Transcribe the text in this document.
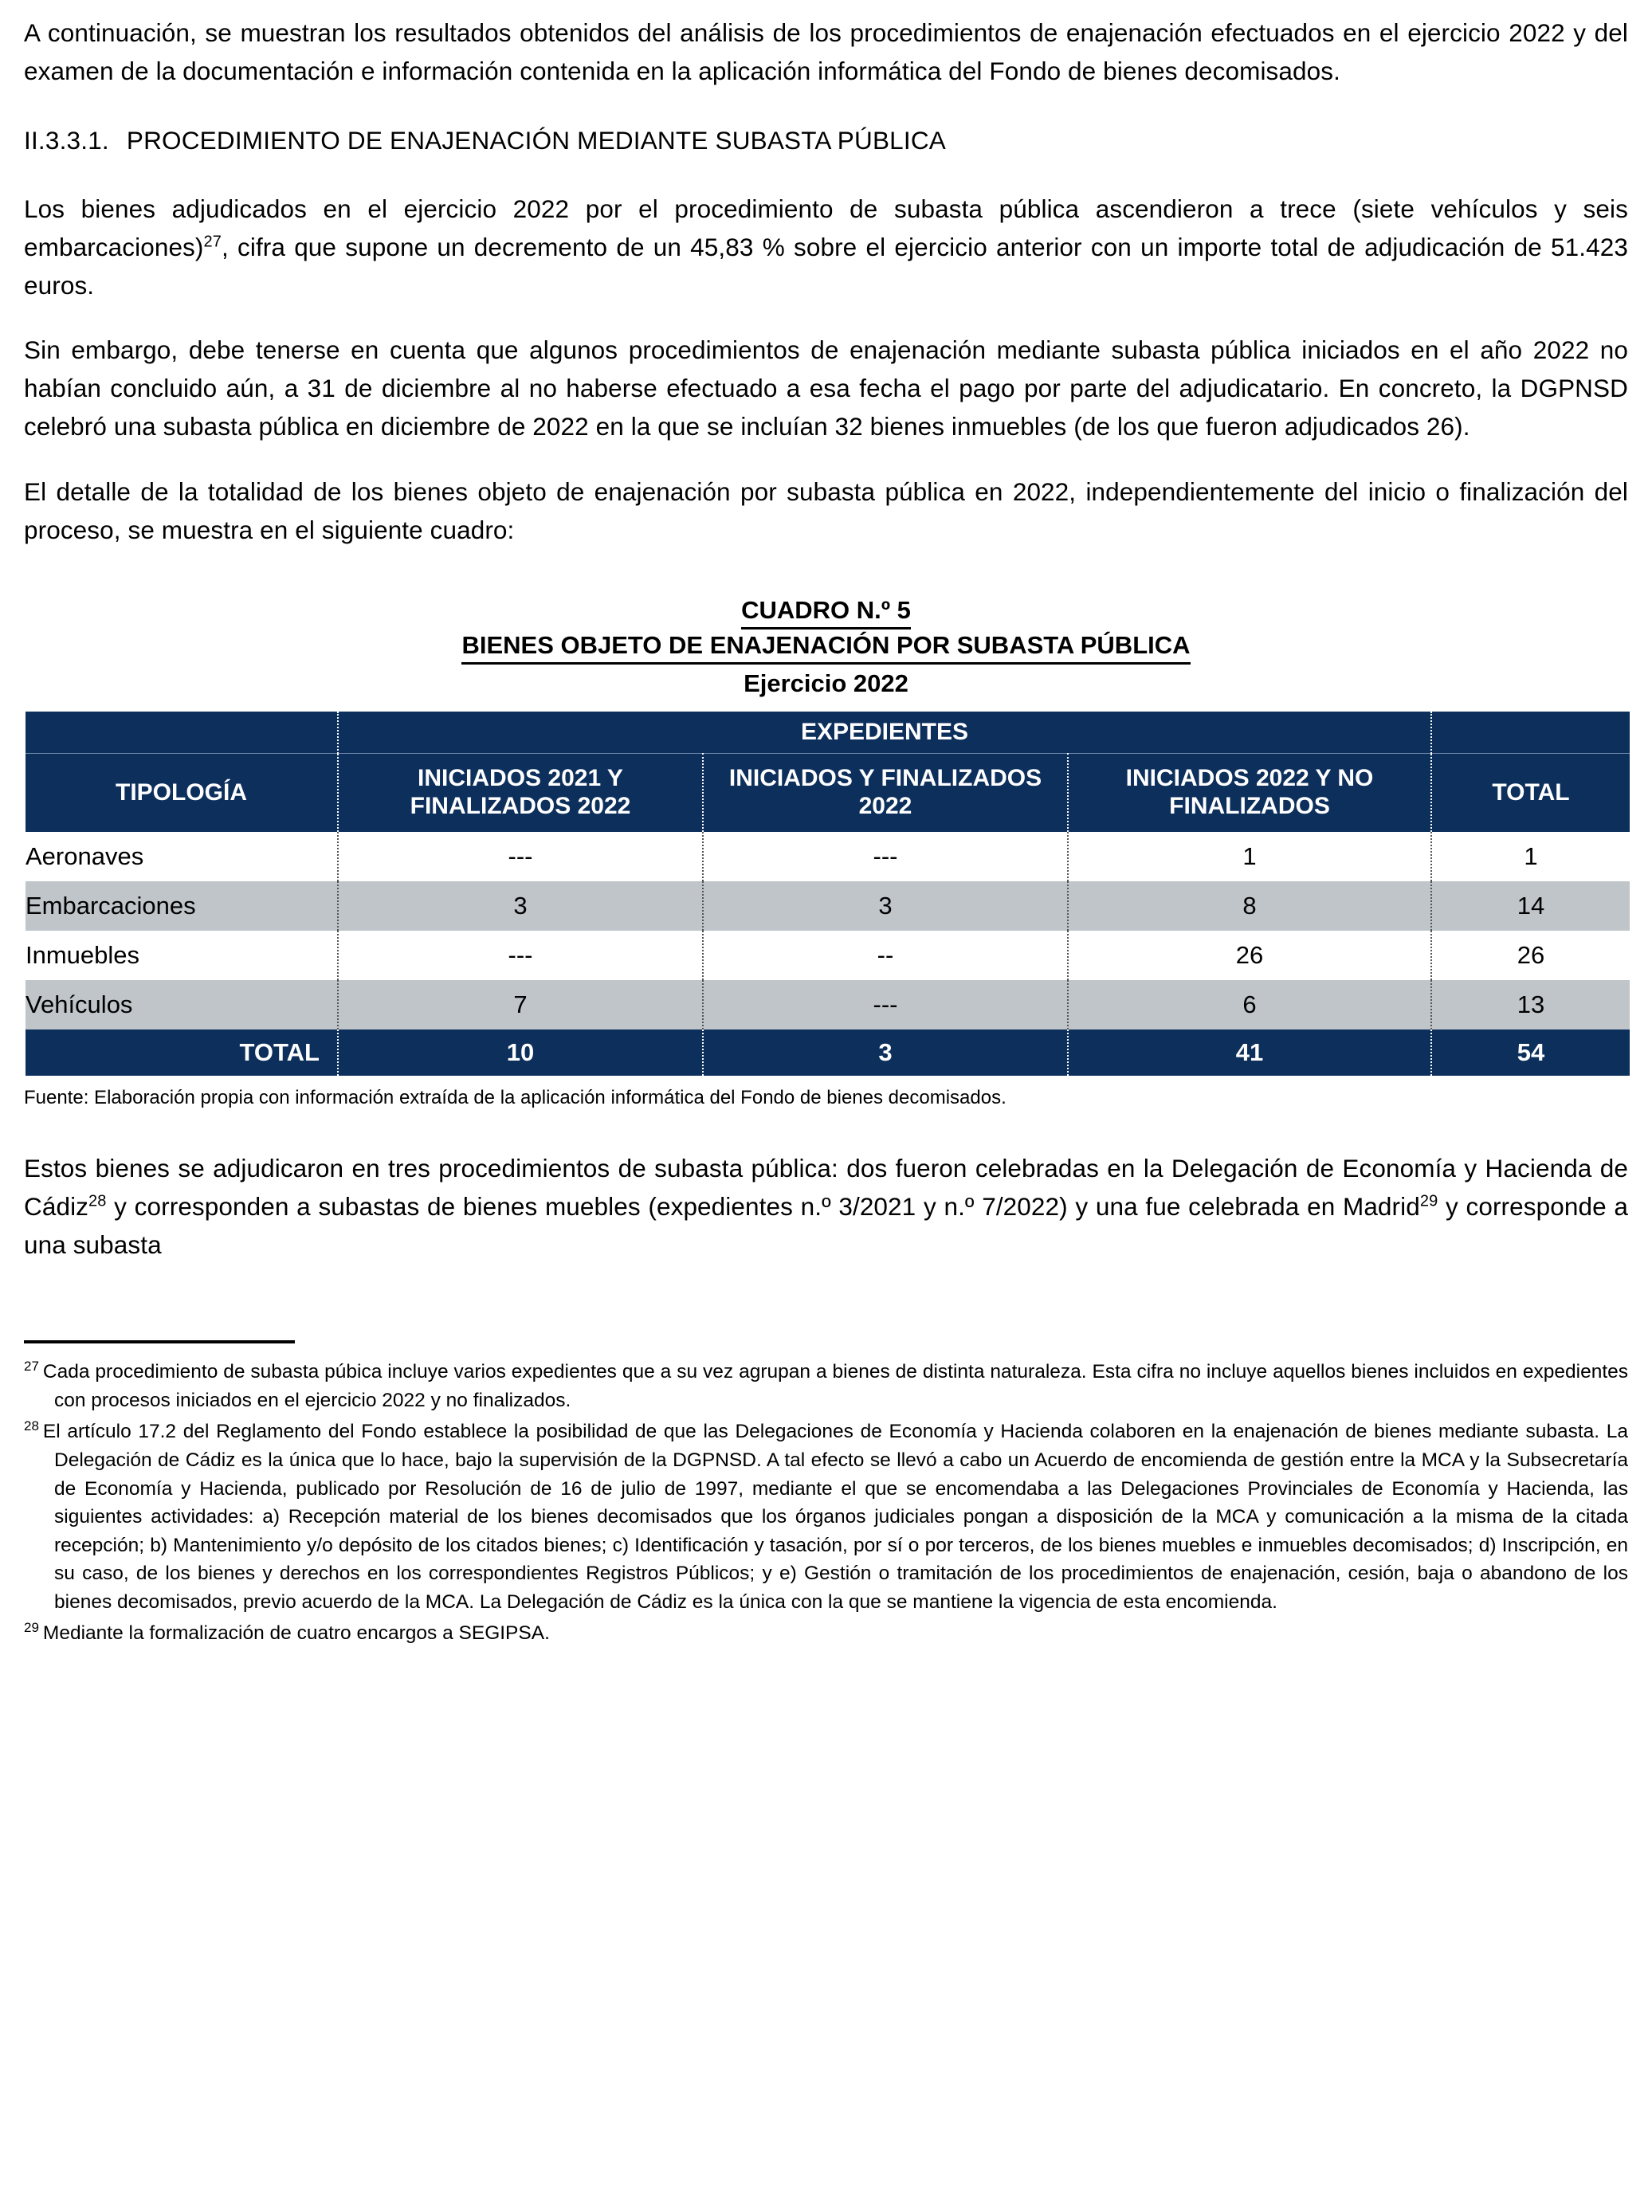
A continuación, se muestran los resultados obtenidos del análisis de los procedimientos de enajenación efectuados en el ejercicio 2022 y del examen de la documentación e información contenida en la aplicación informática del Fondo de bienes decomisados.

II.3.3.1. PROCEDIMIENTO DE ENAJENACIÓN MEDIANTE SUBASTA PÚBLICA

Los bienes adjudicados en el ejercicio 2022 por el procedimiento de subasta pública ascendieron a trece (siete vehículos y seis embarcaciones)$^{27}$, cifra que supone un decremento de un 45,83 % sobre el ejercicio anterior con un importe total de adjudicación de 51.423 euros.

Sin embargo, debe tenerse en cuenta que algunos procedimientos de enajenación mediante subasta pública iniciados en el año 2022 no habían concluido aún, a 31 de diciembre al no haberse efectuado a esa fecha el pago por parte del adjudicatario. En concreto, la DGPNSD celebró una subasta pública en diciembre de 2022 en la que se incluían 32 bienes inmuebles (de los que fueron adjudicados 26).

El detalle de la totalidad de los bienes objeto de enajenación por subasta pública en 2022, independientemente del inicio o finalización del proceso, se muestra en el siguiente cuadro:

CUADRO N.º 5
BIENES OBJETO DE ENAJENACIÓN POR SUBASTA PÚBLICA
Ejercicio 2022
	EXPEDIENTES			
TIPOLOGÍA	INICIADOS 2021 Y FINALIZADOS 2022	INICIADOS Y FINALIZADOS 2022	INICIADOS 2022 Y NO FINALIZADOS	TOTAL
Aeronaves	---	---	1	1
Embarcaciones	3	3	8	14
Inmuebles	---	--	26	26
Vehículos	7	---	6	13
TOTAL	10	3	41	54

Fuente: Elaboración propia con información extraída de la aplicación informática del Fondo de bienes decomisados.

Estos bienes se adjudicaron en tres procedimientos de subasta pública: dos fueron celebradas en la Delegación de Economía y Hacienda de Cádiz$^{28}$ y corresponden a subastas de bienes muebles (expedientes n.º 3/2021 y n.º 7/2022) y una fue celebrada en Madrid$^{29}$ y corresponde a una subasta

$^{27}$ Cada procedimiento de subasta púbica incluye varios expedientes que a su vez agrupan a bienes de distinta naturaleza. Esta cifra no incluye aquellos bienes incluidos en expedientes con procesos iniciados en el ejercicio 2022 y no finalizados.

$^{28}$ El artículo 17.2 del Reglamento del Fondo establece la posibilidad de que las Delegaciones de Economía y Hacienda colaboren en la enajenación de bienes mediante subasta. La Delegación de Cádiz es la única que lo hace, bajo la supervisión de la DGPNSD. A tal efecto se llevó a cabo un Acuerdo de encomienda de gestión entre la MCA y la Subsecretaría de Economía y Hacienda, publicado por Resolución de 16 de julio de 1997, mediante el que se encomendaba a las Delegaciones Provinciales de Economía y Hacienda, las siguientes actividades: a) Recepción material de los bienes decomisados que los órganos judiciales pongan a disposición de la MCA y comunicación a la misma de la citada recepción; b) Mantenimiento y/o depósito de los citados bienes; c) Identificación y tasación, por sí o por terceros, de los bienes muebles e inmuebles decomisados; d) Inscripción, en su caso, de los bienes y derechos en los correspondientes Registros Públicos; y e) Gestión o tramitación de los procedimientos de enajenación, cesión, baja o abandono de los bienes decomisados, previo acuerdo de la MCA. La Delegación de Cádiz es la única con la que se mantiene la vigencia de esta encomienda.

$^{29}$ Mediante la formalización de cuatro encargos a SEGIPSA.
